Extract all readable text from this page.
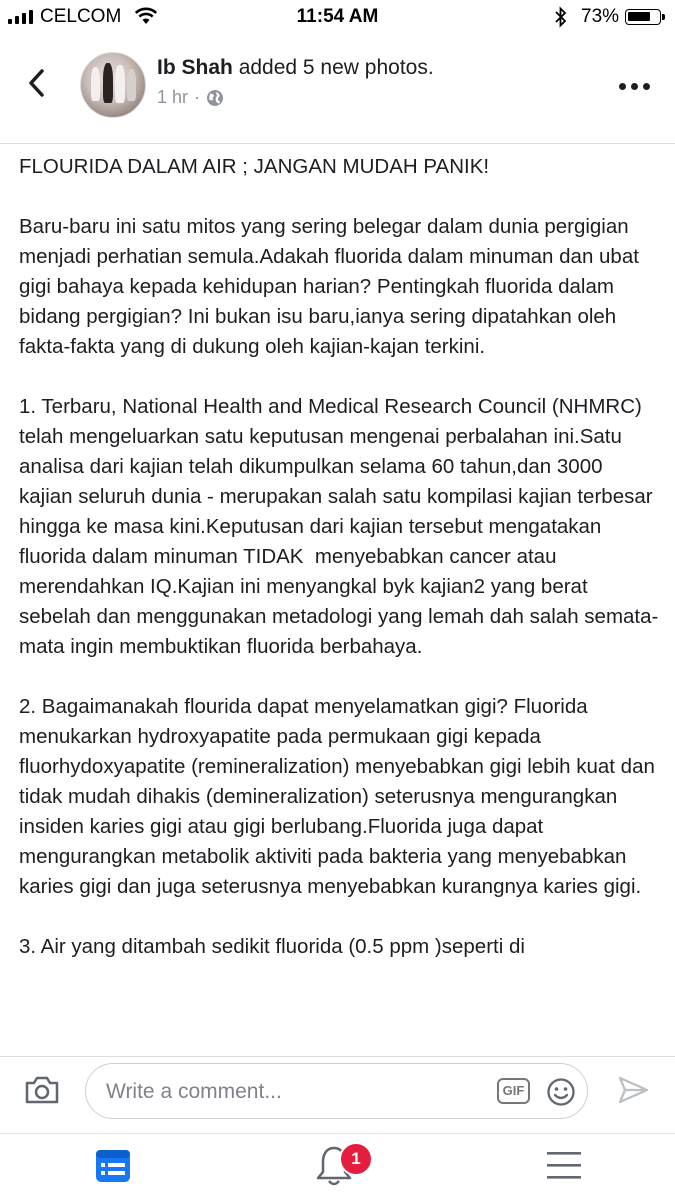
CELCOM	11:54 AM	73%
Ib Shah added 5 new photos.
1 hr ·
FLOURIDA DALAM AIR ; JANGAN MUDAH PANIK!

Baru-baru ini satu mitos yang sering belegar dalam dunia pergigian menjadi perhatian semula.Adakah fluorida dalam minuman dan ubat gigi bahaya kepada kehidupan harian? Pentingkah fluorida dalam bidang pergigian? Ini bukan isu baru,ianya sering dipatahkan oleh fakta-fakta yang di dukung oleh kajian-kajan terkini.

1. Terbaru, National Health and Medical Research Council (NHMRC) telah mengeluarkan satu keputusan mengenai perbalahan ini.Satu analisa dari kajian telah dikumpulkan selama 60 tahun,dan 3000 kajian seluruh dunia - merupakan salah satu kompilasi kajian terbesar hingga ke masa kini.Keputusan dari kajian tersebut mengatakan fluorida dalam minuman TIDAK  menyebabkan cancer atau merendahkan IQ.Kajian ini menyangkal byk kajian2 yang berat sebelah dan menggunakan metadologi yang lemah dah salah semata-mata ingin membuktikan fluorida berbahaya.

2. Bagaimanakah flourida dapat menyelamatkan gigi? Fluorida menukarkan hydroxyapatite pada permukaan gigi kepada fluorhydoxyapatite (remineralization) menyebabkan gigi lebih kuat dan tidak mudah dihakis (demineralization) seterusnya mengurangkan insiden karies gigi atau gigi berlubang.Fluorida juga dapat mengurangkan metabolik aktiviti pada bakteria yang menyebabkan karies gigi dan juga seterusnya menyebabkan kurangnya karies gigi.

3. Air yang ditambah sedikit fluorida (0.5 ppm )seperti di
Write a comment...
GIF
1
